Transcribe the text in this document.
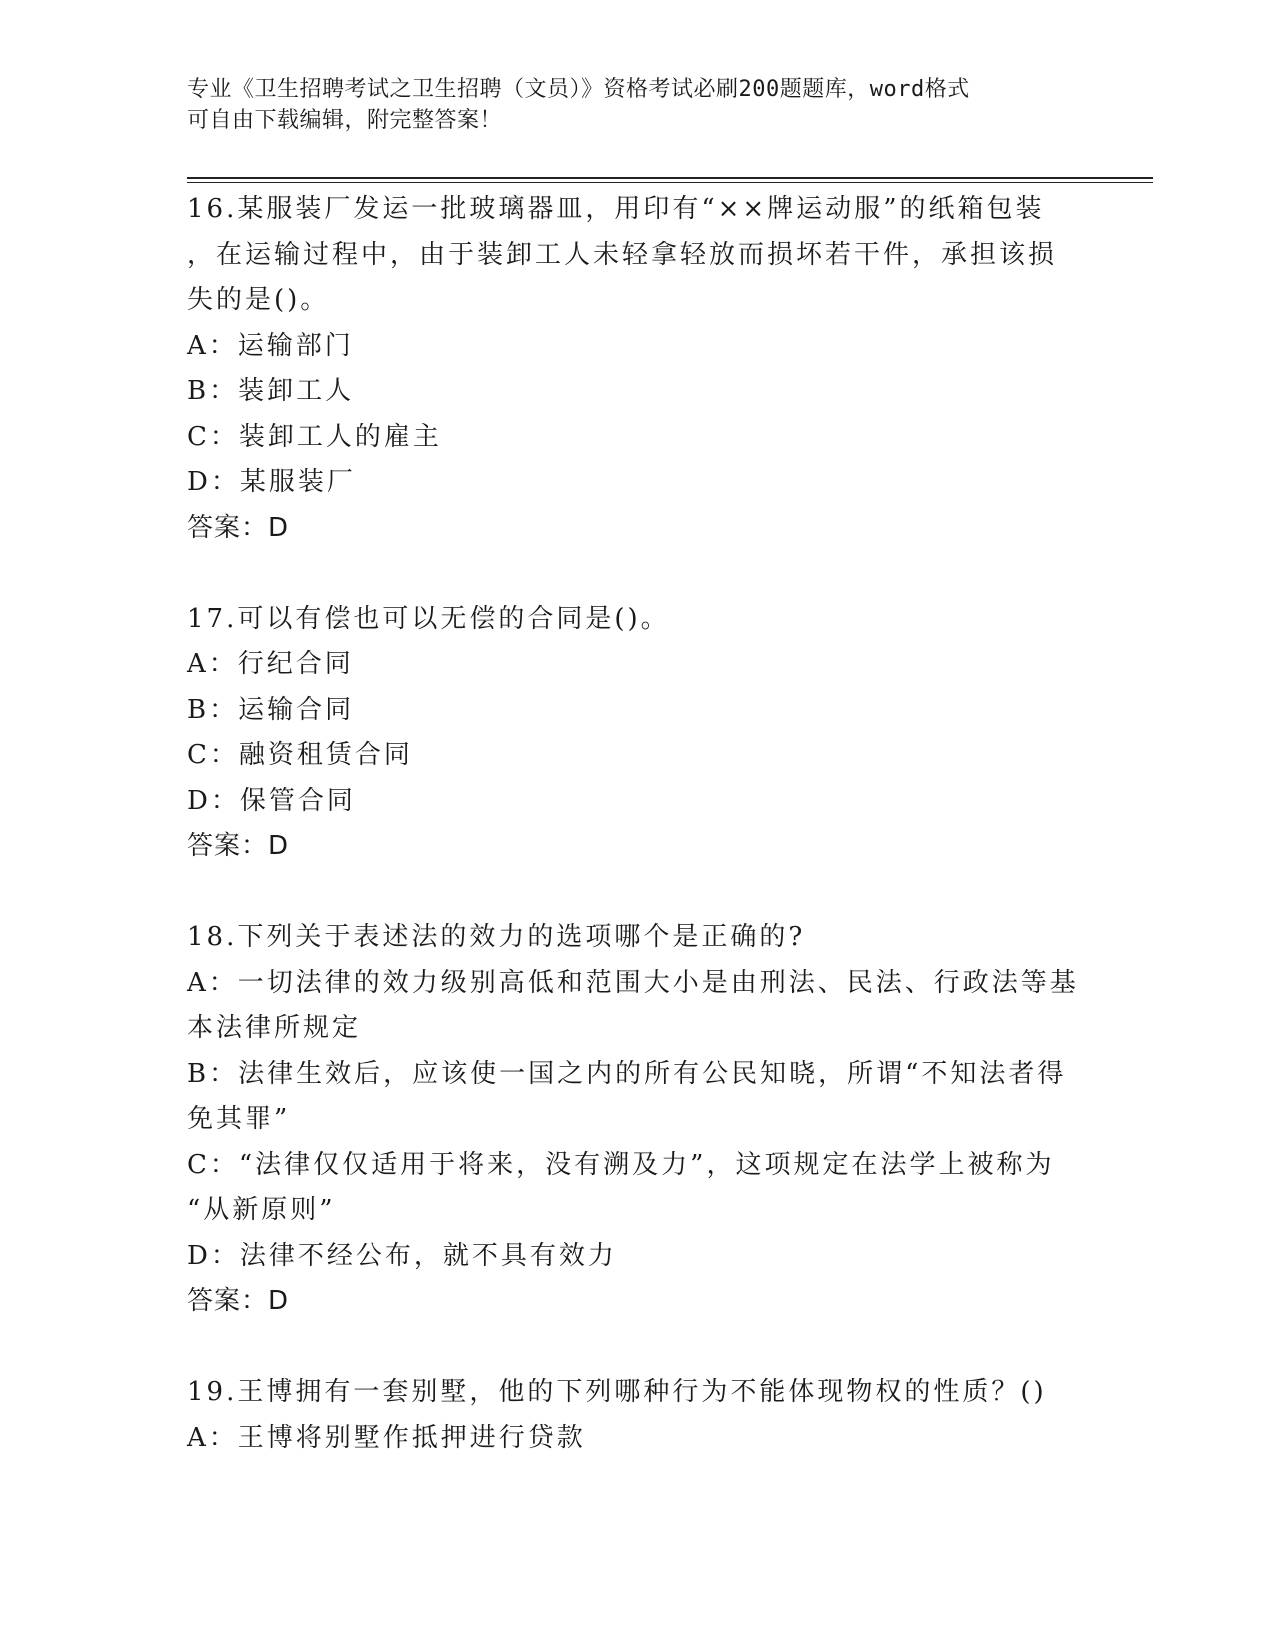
专业《卫生招聘考试之卫生招聘（文员）》资格考试必刷200题题库，word格式
可自由下载编辑，附完整答案！
16.某服装厂发运一批玻璃器皿，用印有“××牌运动服”的纸箱包装
，在运输过程中，由于装卸工人未轻拿轻放而损坏若干件，承担该损
失的是()。
A：运输部门
B：装卸工人
C：装卸工人的雇主
D：某服装厂
答案：D
17.可以有偿也可以无偿的合同是()。
A：行纪合同
B：运输合同
C：融资租赁合同
D：保管合同
答案：D
18.下列关于表述法的效力的选项哪个是正确的?
A：一切法律的效力级别高低和范围大小是由刑法、民法、行政法等基
本法律所规定
B：法律生效后，应该使一国之内的所有公民知晓，所谓“不知法者得
免其罪”
C：“法律仅仅适用于将来，没有溯及力”，这项规定在法学上被称为
“从新原则”
D：法律不经公布，就不具有效力
答案：D
19.王博拥有一套别墅，他的下列哪种行为不能体现物权的性质？()
A：王博将别墅作抵押进行贷款
